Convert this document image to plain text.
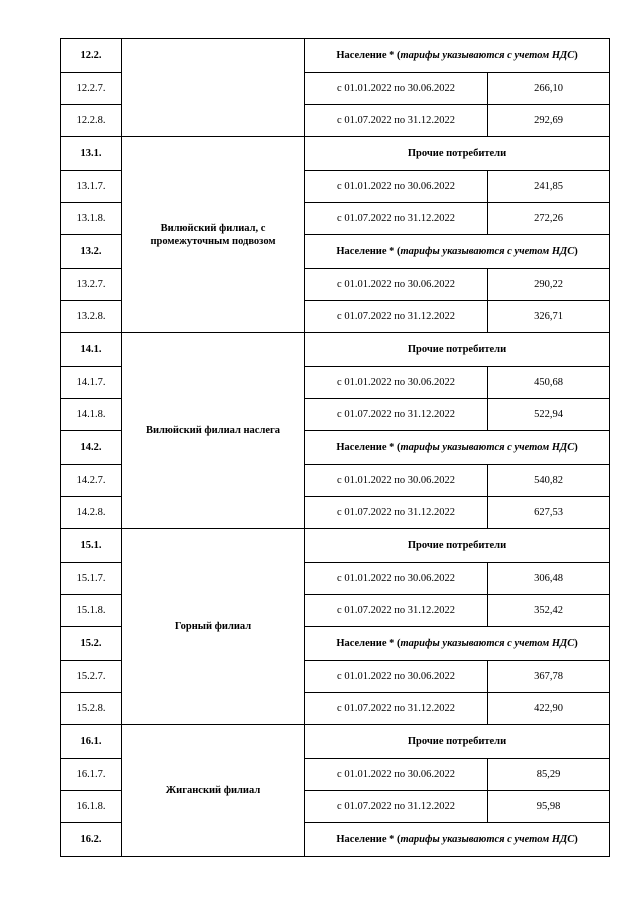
12.2.		Население * (тарифы указываются с учетом НДС)	
12.2.7.		с 01.01.2022 по 30.06.2022	266,10
12.2.8.		с 01.07.2022 по 31.12.2022	292,69
13.1.	Вилюйский филиал, с промежуточным подвозом	Прочие потребители	
13.1.7.		с 01.01.2022 по 30.06.2022	241,85
13.1.8.		с 01.07.2022 по 31.12.2022	272,26
13.2.		Население * (тарифы указываются с учетом НДС)	
13.2.7.		с 01.01.2022 по 30.06.2022	290,22
13.2.8.		с 01.07.2022 по 31.12.2022	326,71
14.1.	Вилюйский филиал наслега	Прочие потребители	
14.1.7.		с 01.01.2022 по 30.06.2022	450,68
14.1.8.		с 01.07.2022 по 31.12.2022	522,94
14.2.		Население * (тарифы указываются с учетом НДС)	
14.2.7.		с 01.01.2022 по 30.06.2022	540,82
14.2.8.		с 01.07.2022 по 31.12.2022	627,53
15.1.	Горный филиал	Прочие потребители	
15.1.7.		с 01.01.2022 по 30.06.2022	306,48
15.1.8.		с 01.07.2022 по 31.12.2022	352,42
15.2.		Население * (тарифы указываются с учетом НДС)	
15.2.7.		с 01.01.2022 по 30.06.2022	367,78
15.2.8.		с 01.07.2022 по 31.12.2022	422,90
16.1.	Жиганский филиал	Прочие потребители	
16.1.7.		с 01.01.2022 по 30.06.2022	85,29
16.1.8.		с 01.07.2022 по 31.12.2022	95,98
16.2.		Население * (тарифы указываются с учетом НДС)	
